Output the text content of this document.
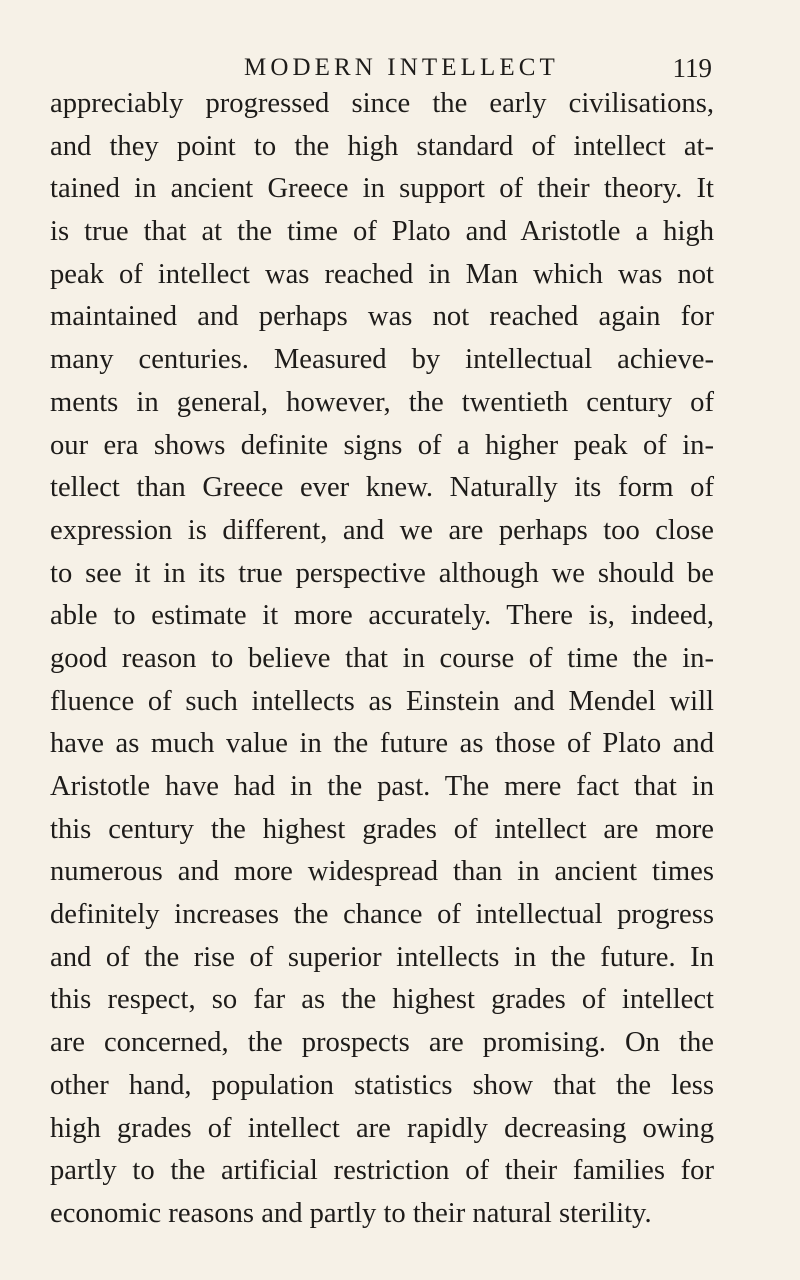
MODERN INTELLECT	119
appreciably progressed since the early civilisations,
and they point to the high standard of intellect at-
tained in ancient Greece in support of their theory. It
is true that at the time of Plato and Aristotle a high
peak of intellect was reached in Man which was not
maintained and perhaps was not reached again for
many centuries. Measured by intellectual achieve-
ments in general, however, the twentieth century of
our era shows definite signs of a higher peak of in-
tellect than Greece ever knew. Naturally its form of
expression is different, and we are perhaps too close
to see it in its true perspective although we should be
able to estimate it more accurately. There is, indeed,
good reason to believe that in course of time the in-
fluence of such intellects as Einstein and Mendel will
have as much value in the future as those of Plato and
Aristotle have had in the past. The mere fact that in
this century the highest grades of intellect are more
numerous and more widespread than in ancient times
definitely increases the chance of intellectual progress
and of the rise of superior intellects in the future. In
this respect, so far as the highest grades of intellect
are concerned, the prospects are promising. On the
other hand, population statistics show that the less
high grades of intellect are rapidly decreasing owing
partly to the artificial restriction of their families for
economic reasons and partly to their natural sterility.
